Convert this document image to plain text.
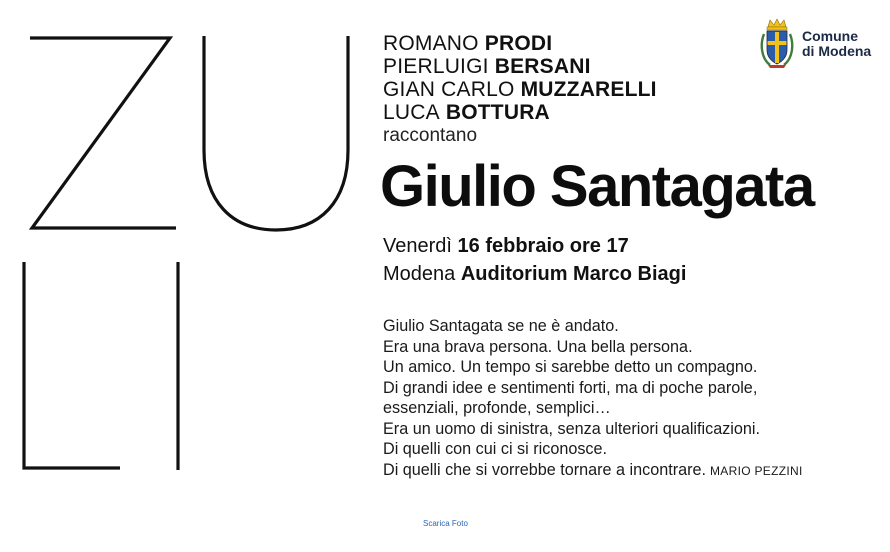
ROMANO PRODI
PIERLUIGI BERSANI
GIAN CARLO MUZZARELLI
LUCA BOTTURA
raccontano
Giulio Santagata
Venerdì 16 febbraio ore 17
Modena Auditorium Marco Biagi
Giulio Santagata se ne è andato.
Era una brava persona. Una bella persona.
Un amico. Un tempo si sarebbe detto un compagno.
Di grandi idee e sentimenti forti, ma di poche parole,
essenziali, profonde, semplici…
Era un uomo di sinistra, senza ulteriori qualificazioni.
Di quelli con cui ci si riconosce.
Di quelli che si vorrebbe tornare a incontrare. MARIO PEZZINI
Comune
di Modena
Scarica Foto
